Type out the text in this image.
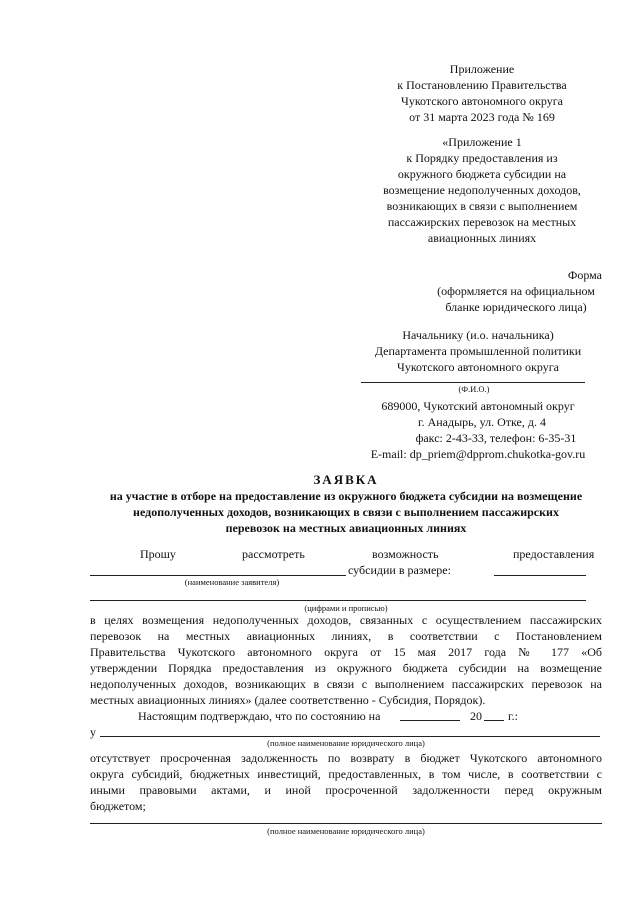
Приложение
к Постановлению Правительства
Чукотского автономного округа
от 31 марта 2023 года № 169
«Приложение 1
к Порядку предоставления из
окружного бюджета субсидии на
возмещение недополученных доходов,
возникающих в связи с выполнением
пассажирских перевозок на местных
авиационных линиях
Форма
(оформляется на официальном
бланке юридического лица)
Начальнику (и.о. начальника)
Департамента промышленной политики
Чукотского автономного округа
(Ф.И.О.)
689000, Чукотский автономный округ
г. Анадырь, ул. Отке, д. 4
факс: 2-43-33, телефон: 6-35-31
E-mail: dp_priem@dpprom.chukotka-gov.ru
ЗАЯВКА
на участие в отборе на предоставление из окружного бюджета субсидии на возмещение
недополученных доходов, возникающих в связи с выполнением пассажирских
перевозок на местных авиационных линиях
Прошу	рассмотреть	возможность	предоставления
субсидии в размере:
(наименование заявителя)
(цифрами и прописью)
в целях возмещения недополученных доходов, связанных с осуществлением пассажирских
перевозок на местных авиационных линиях, в соответствии с Постановлением
Правительства Чукотского автономного округа от 15 мая 2017 года № 177 «Об
утверждении Порядка предоставления из окружного бюджета субсидии на возмещение
недополученных доходов, возникающих в связи с выполнением пассажирских перевозок на
местных авиационных линиях» (далее соответственно - Субсидия, Порядок).
Настоящим подтверждаю, что по состоянию на	20 г.:
у
(полное наименование юридического лица)
отсутствует просроченная задолженность по возврату в бюджет Чукотского автономного
округа субсидий, бюджетных инвестиций, предоставленных, в том числе, в соответствии с
иными правовыми актами, и иной просроченной задолженности перед окружным
бюджетом;
(полное наименование юридического лица)
